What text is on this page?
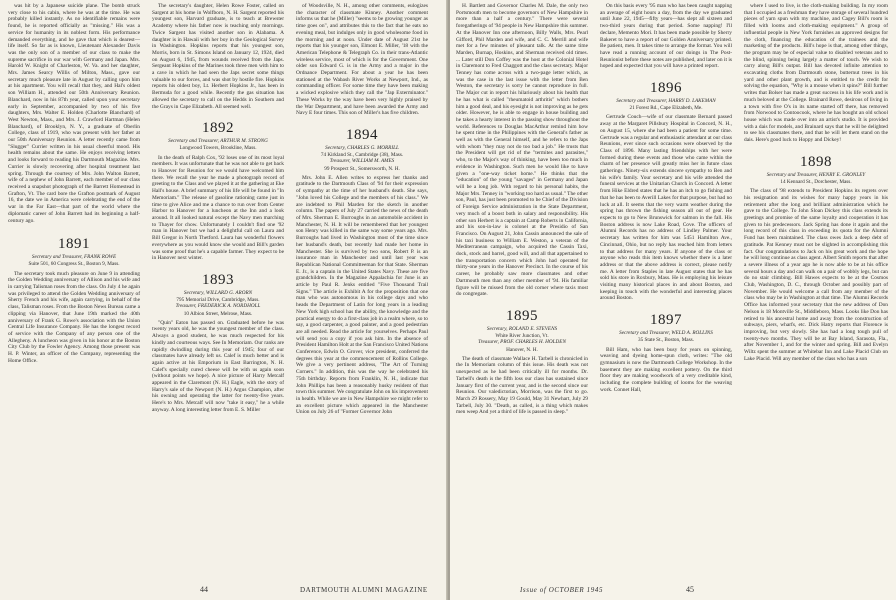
was hit by a Japanese suicide plane. The bomb struck very close to his cabin, where he was at the time. He was probably killed instantly. As no identifiable remains were found, he is reported officially as "missing." His was a service for humanity in its noblest form. His performance demanded everything, and he gave that which is dearest—life itself. So far as is known, Lieutenant Alexander Davis was the only son of a member of our class to make the supreme sacrifice in our war with Germany and Japan. Mrs. Harold W. Knight of Charleston, W. Va. and her daughter, Mrs. James Searcy Willis of Milton, Mass., gave our secretary much pleasure late in August by calling upon him at his apartment. You will recall that they, and Hal's oldest son William H., attended our 50th Anniversary Reunion. Blanchard, now in his 87th year, called upon your secretary early in September, accompanied by two of his five daughters, Mrs. Walter E. Holden (Charlotte Blanchard) of West Newton, Mass., and Mrs. J. Crawford Hartman (Helen Blanchard), of Brooklyn, N. Y., a graduate of Oberlin College, class of 1919, who was present with her father at our 50th Anniversary Reunion. A letter recently came from "Slugger" Currier written in his usual cheerful mood. His health remains about the same. He enjoys receiving letters and looks forward to reading his Dartmouth Magazine. Mrs. Currier is slowly recovering after hospital treatment last spring. Through the courtesy of Mrs. John Walton Barrett, wife of a nephew of John Barrett, each member of our class received a snapshot photograph of the Barrett Homestead in Grafton, Vt. The card bore the Grafton postmark of August 16, the date we in America were celebrating the end of the war in the Far East—that part of the world where the diplomatic career of John Barrett had its beginning a half-century ago.

1891
Secretary and Treasurer, FRANK ROWE
Suite 501, 60 Congress St., Boston 9, Mass.

The secretary took much pleasure on June 9 in attending the Golden Wedding anniversary of Allison and his wife and in carrying Talisman roses from the class. On July 4 he again was privileged to attend the Golden Wedding anniversary of Sherry French and his wife, again carrying, in behalf of the class, Talisman roses. From the Boston News Bureau came a clipping via Hanover, that June 19th marked the 40th anniversary of Frank G. Rowe's association with the Union Central Life Insurance Company. He has the longest record of service with the Company of any person one of the Allegheny. A luncheon was given in his honor at the Boston City Club by the Fowler Agency. Among those present was H. P. Winter, an officer of the Company, representing the Home Office.

The secretary's daughter, Helen Rowe Foster, called on Sargent at his home in Wolfboro, N. H. Sargent reported his youngest son, Harvard graduate, is to teach at Brewster Academy where his father now is teaching only mornings. Twice Sargent has visited another son in Alabama. A daughter is in Hawaii with her boy in the Geological Survey in Washington. Hopkins reports that his youngest son, Morris, born in St. Simons Island on January 12, 1924, died on August 6, 1945, from wounds received from the Japs. Sergeant Hopkins of the Marines took three men with him to a cave in which he had seen the Japs secret some things valuable to our forces, and was shot by hostile fire. Hopkins reports his oldest boy, Lt. Herbert Hopkins Jr., has been in Bermuda for a good while. Recently the gas situation has allowed the secretary to call on the Hedds in Southern and the Grays in Cape Elizabeth. All seemed well.

1892
Secretary and Treasurer, ARTHUR M. STRONG
Longwood Towers, Brookline, Mass.

In the death of Ralph Cox, '92 loses one of its most loyal members. It was unfortunate that he was not able to get back to Hanover for Reunion for we would have welcomed him there. We recall the year he made a photograph record of greeting to the Class and we played it at the gathering at Eke Hall's house. A brief summary of his life will be found in "In Memoriam." The release of gasoline rationing came just in time to give Alice and me a chance to run over from Center Harbor to Hanover for a luncheon at the Inn and a look around. It all looked natural except the Navy men marching to Thayer for chow. Unfortunately I couldn't find one '92 man in Hanover but we had a delightful call on Laura and Bill Gregor in North Thetford. Laura has wonderful flowers everywhere as you would know she would and Bill's garden was some proof that he's a capable farmer. They expect to be in Hanover next winter.

1893
Secretary, WILLARD G. ARORN
795 Memorial Drive, Cambridge, Mass.
Treasurer, FREDERICK A. NORDHOLL
10 Albion Street, Melrose, Mass.

"Quin" Eaton has passed on. Graduated before he was twenty years old, he was the youngest member of the class. Always a good student, he was much respected for his kindly and courteous ways. See In Memoriam. Our ranks are rapidly dwindling during this year of 1945; four of our classmates have already left us. Calef is much better and is again active at his Emporium in East Barrington, N. H. Calef's specially cured cheese will be with us again soon (without points we hope). A nice picture of Harry Metcalf appeared in the Claremont (N. H.) Eagle, with the story of Harry's sale of the Newport (N. H.) Argus Champion, after his owning and operating the latter for twenty-five years. Here's to Mrs. Metcalf will now "take it easy," he a while anyway. A long interesting letter from E. S. Miller

of Woodsville, N. H., among other comments, eulogizes the character of classmate Kinney. Another comment informs us that he (Miller) "seems to be growing younger as time goes on", and attributes this to the fact that he eats no evening meal, but indulges only in good wholesome food in the morning and at noon. Under date of August 21st he reports that his younger son, Elmont E. Miller, '18 with the American Telephone & Telegraph Co. in their trans-Atlantic wireless service, most of which is for the Government. One older son Edward G. is in the Army and a major in the Ordnance Department. For about a year he has been stationed at the Wabash River Works at Newport, Ind., as commanding officer. For some time they have been making a wicked explosive which they call the "Jap Exterminator." These Works by the way have been very highly praised by the War Department, and have been awarded the Army and Navy E four times. This son of Miller's has five children.

1894
Secretary, CHARLES G. MORRILL
74 Kirkland St., Cambridge (38), Mass.
Treasurer, WILLIAM M. AMES
99 Prospect St., Somersworth, N. H.

Mrs. John E. Allen writes to express her thanks and gratitude to the Dartmouth Class of '94 for their expression of sympathy at the time of her husband's death. She says, "John loved his College and the members of his class." We are indebted to Phil Marden for the sketch in another column. The papers of July 27 carried the news of the death of Mrs. Sherman E. Burroughs in an automobile accident in Manchester, N. H. It will be remembered that her youngest son Henry was killed in the same way some years ago. Mrs. Burroughs had lived in Washington most of the time since her husband's death, but recently had made her home in Manchester. She is survived by two sons, Robert P. is an insurance man in Manchester and until last year was Republican National Committeeman for that State. Sherman E. Jr., is a captain in the United States Navy. These are five grandchildren. In the Magazine Appalachia for June is an article by Paul R. Jenks entitled "Five Thousand Trail Signs." The article is Exhibit A for the proposition that one man who was autonomous in his college days and who heads the Department of Latin for long years in a leading New York high school has the ability, the knowledge and the practical energy to do a first-class job in a realm where, so to say, a good carpenter, a good painter, and a good pedestrian are all needed. Read the article for yourselves. Perhaps Paul will send you a copy if you ask him. In the absence of President Hamilton Holt at the San Francisco United Nations Conference, Edwin O. Grover, vice president, conferred the degrees this year at the commencement of Rollins College. We give a very pertinent address, "The Art of Turning Corners." In addition, this was the way he celebrated his 75th birthday. Reports from Franklin, N. H., indicate that John Phillips has been a reasonably husky resident of that town this summer. We congratulate John on his improvement in health. While we are in New Hampshire we might refer to an excellent picture which appeared in the Manchester Union on July 26 of "Former Governor John

44	DARTMOUTH ALUMNI MAGAZINE

H. Bartlett and Governor Charles M. Dale, the only two Portsmouth men to become governors of New Hampshire in more than a half a century." There were several foregatherings of '94 people in New Hampshire this summer. At the Hanover Inn one afternoon, Billy Walls, Mrs. Pearl Gifford, Phil Marden and wife, and C. C. Merrill and wife met for a few minutes of pleasant talk. At the same time Marden, Burnap, Hoskins, and Sherman received old times. ... Later still Don Coffey was the host at the Colonial Hotel in Claremont to Fred Chaggott and the class secretary. Major Tenney has come across with a two-page letter which, as was the case in the last issue with the letter from Ben Weston, the secretary is sorry he cannot reproduce in full. The Major cut in report his hilariously about his health that he has what is called "rheumatoid arthritis" which bothers him a good deal, and his eyesight is not improving as he gets older. However, he is able to engage in house building and he takes a hearty interest in the passing show throughout the world. References to Douglas MacArthur remind him how he spent time in the Philippines with the General's father as well as with the General himself, and he refers to the Japs with whom "they may not do too bad a job." He trusts that the President will get rid of the "termites and parasites," who, to the Major's way of thinking, have been too much in evidence in Washington. Such men he would like to have given a "one-way ticket home." He thinks that the "education" of the young "savages" in Germany and Japan will be a long job. With regard to his personal habits, the Major Mrs. Tenney in "working too hard as usual." The other son, Paul, has just been promoted to be Chief of the Division of Foreign Service administration in the State Department, very much of a boost both in salary and responsibility. His other son Herbert is a captain at Camp Roberts in California, and his son-in-law is colonel at the Presidio of San Francisco. On August 21, John Cassin announced the sale of his taxi business to William E. Weston, a veteran of the Mediterranean campaign, who acquired the Cassin Taxi, dock, stock and barrel, good will, and all that appertained to the transportation concern which John had operated for thirty-one years in the Hanover Precinct. In the course of his career, he probably saw more classmates and other Dartmouth men than any other member of '94. His familiar figure will be missed from the old corner where taxis most do congregate.

1895
Secretary, ROLAND E. STEVENS
White River Junction, Vt.
Treasurer, PROF. CHARLES H. HOLDEN
Hanover, N. H.

The death of classmate Wallace H. Tarbell is chronicled in the In Memoriam column of this issue. His death was not unexpected as he had been critically ill for months. Dr. Tarbell's death is the fifth loss our class has sustained since January first of the current year, and is the second since our Reunion. Our valedictorian, Morrison, was the first to go. March 29 Rossery, May 19 Gould, May 31 Newhart, July 29 Tarbell, July 30. "Death, as called, is a thing which makes men weep And yet a third of life is passed in sleep."

On this basis every '95 man who has been caught napping an average of eight hours a day, from the day we graduated until June 22, 1945—fifty years—has slept all sixteen and two-third years during that period. Some napping! I'll declare, Memento Mori. It has been made possible by Sherry Bakeret to have a report of our Golden Anniversary printed. Be patient, men. It takes time to arrange the format. You will have read a running account of our doings in The Post-Reunionist before these notes are published, and later on it is hoped and expected that you will have a printed report.

1896
Secretary and Treasurer, HARRY D. LAKEMAN
21 Forest Rd., Cape Elizabeth, Me.

Gertrude Couch—wife of our classmate Bernard passed away at the Margaret Pillsbury Hospital in Concord, N. H., on August 15, where she had been a patient for some time. Gertrude was a regular and enthusiastic attendant at our class Reunions, ever since such occasions were observed by the Class of 1896. Many lasting friendships with her were formed during these events and those who came within the charm of her presence will greatly miss her in future class gatherings. Ninety-six extends sincere sympathy to Ben and his wife's family. Your secretary and his wife attended the funeral services at the Unitarian Church in Concord. A letter from Hike Eldred states that he has an itch to go fishing and that he has been to Averill Lakes for that purpose, but had no luck at all. It seems that the very warm weather during the spring has thrown the fishing season all out of gear. He expects to go to New Brunswick for salmon in the fall. His Boston address is now Lake Road, Cove. The officers of Alumni Records has no address of Lindley Palmer. Your secretary has written for him was 5451 Hamilton Ave., Cincinnati, Ohio, but no reply has reached him from letters to that address for many years. If anyone of the class or anyone who reads this item knows whether there is a later address or that the above address is correct, please notify me. A letter from Staples in late August states that he has sold his store in Roxbury, Mass. He is employing his leisure visiting many historical places in and about Boston, and keeping in touch with the wonderful and interesting places around Boston.

1897
Secretary and Treasurer, WELD A. ROLLINS
35 State St., Boston, Mass.

Bill Ham, who has been busy for years on spinning, weaving and dyeing home-spun cloth, writes: "The old gymnasium is now the Dartmouth College Workshop. In the basement they are making excellent pottery. On the third floor they are making woodwork of a very creditable kind, including the complete building of looms for the weaving work. Connet Hall,

where I used to live, is the cloth-making building. In my room that I occupied as a freshman they have storage of several hundred pieces of yarn spun with my machine, and Cagey Bill's room is filled with looms and cloth-making equipment." A group of influential people in New York furnishes an approved designs for the cloth, financing the education of the trainees and the marketing of the products. Bill's hope is that, among other things, the program may be of especial value to disabled veterans and to the blind, spinning being largely a matter of touch. We wish to carry along Bill's output. Bill has devoted infinite attention to excavating cloths from Dartmouth stone, butternut trees in his yard and other plant growth, and is entitled to the credit for solving the equation, "Why is a mouse when it spins?" Bill further writes that Bolser has made a great success in his life work and is much beloved at the College. Brainard Rowe, desirous of living in a town with five O's in its name started off there, has removed from Norwood to Contoocook, where he has bought an old school house which was made over into an artist's studio. It is provided with a dais for models, and Brainard says that he will be delighted to see his classmates there, and that he will let them stand on the dais. Here's good luck to Hoppy and Dickey!

1898
Secretary and Treasurer, HENRY E. GRONLEY
14 Kennard St., Dorchester, Mass.

The class of '98 extends to President Hopkins its regrets over his resignation and its wishes for many happy years in his retirement after the long and brilliant administration which he gave to the College. To John Sloan Dickey this class extends its greetings and promise of the same loyalty and cooperation it has given to his predecessors. Jack Spring has done it again and the long record of this class in exceeding its quota for the Alumni Fund has been maintained. The class owes Jack a deep debt of gratitude. Pat Kenney must not be slighted in accomplishing this fact. Our congratulations to Jack on his great work and the hope he will long continue as class agent. Albert Smith reports that after a severe illness of a year ago he is now able to be at his office several hours a day and can walk on a pair of wobbly legs, but can do no stair climbing. Bill Hawes expects to be at the Cosmos Club, Washington, D. C., through October and possibly part of November. He would welcome a call from any member of the class who may be in Washington at that time. The Alumni Records Office has informed your secretary that the new address of Don Nelson is 18 Montville St., Middleboro, Mass. Looks like Don has retired to his ancestral home and away from the construction of subways, piers, wharfs, etc. Dick Hatry reports that Florence is improving, but very slowly. She has had a long tough pull of twenty-two months. They will be at Bay Island, Sarasota, Fla., after November 1, and for the winter and spring. Bill and Evelyn Wiltz spent the summer at Whitebar Inn and Lake Placid Club on Lake Placid. Will any member of the class who has a son

Issue of OCTOBER 1945	45
